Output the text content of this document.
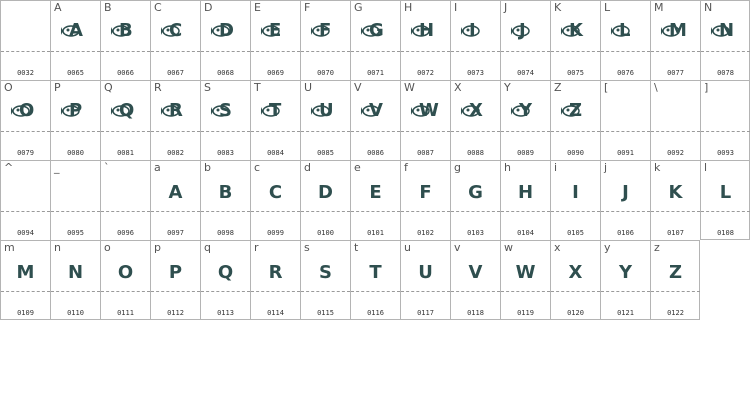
0032
A
A
0065
B
B
0066
C
C
0067
D
D
0068
E
E
0069
F
F
0070
G
G
0071
H
H
0072
I
I
0073
J
J
0074
K
K
0075
L
L
0076
M
M
0077
N
N
0078
O
O
0079
P
P
0080
Q
Q
0081
R
R
0082
S
S
0083
T
T
0084
U
U
0085
V
V
0086
W
W
0087
X
X
0088
Y
Y
0089
Z
Z
0090
[
0091
\
0092
]
0093
^
0094
_
0095
`
0096
a
A
0097
b
B
0098
c
C
0099
d
D
0100
e
E
0101
f
F
0102
g
G
0103
h
H
0104
i
I
0105
j
J
0106
k
K
0107
l
L
0108
m
M
0109
n
N
0110
o
O
0111
p
P
0112
q
Q
0113
r
R
0114
s
S
0115
t
T
0116
u
U
0117
v
V
0118
w
W
0119
x
X
0120
y
Y
0121
z
Z
0122
